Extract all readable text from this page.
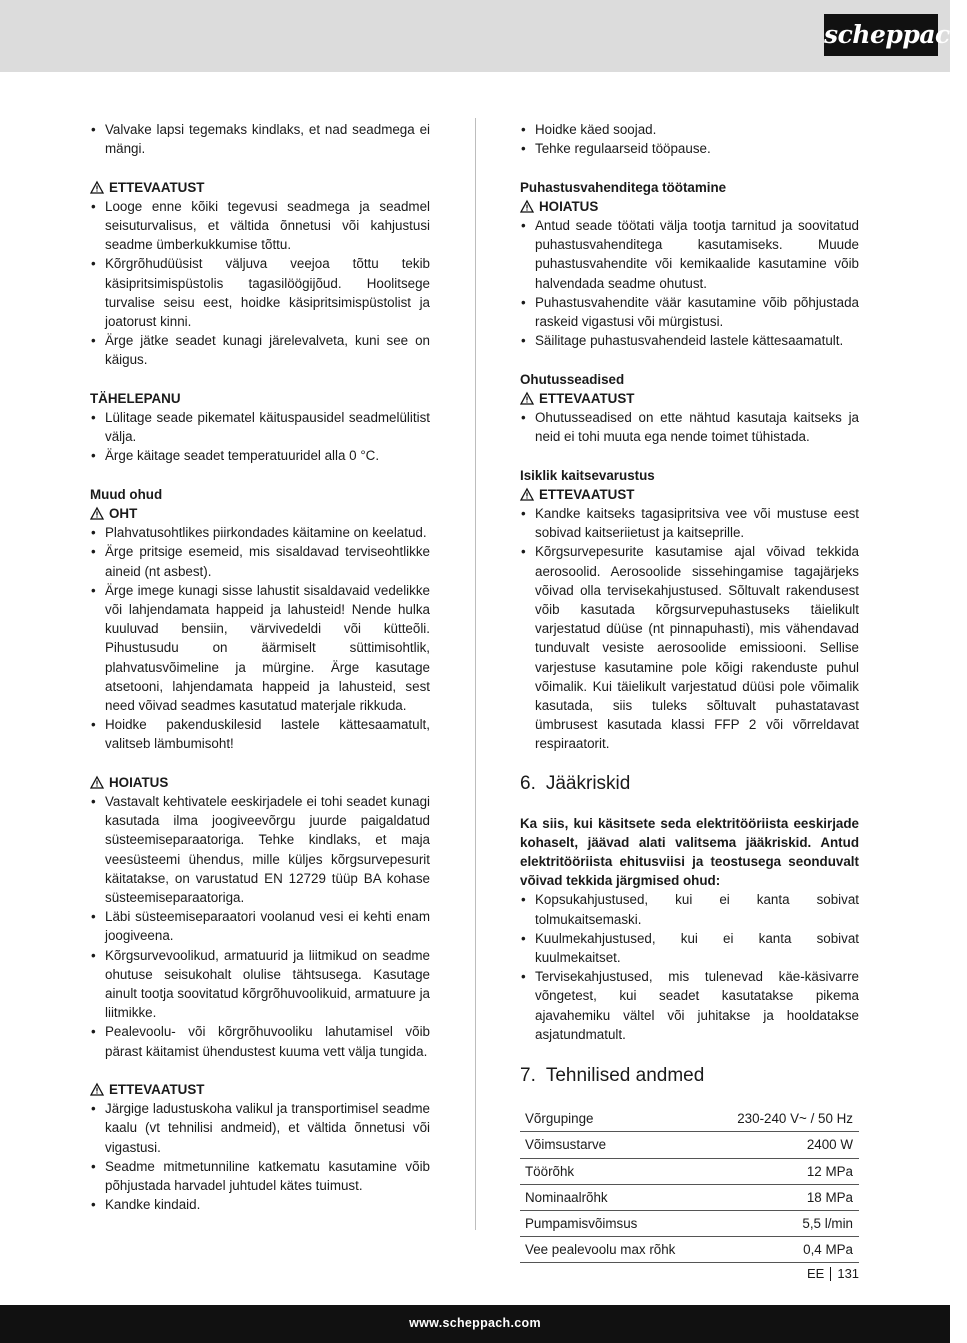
scheppach
• Valvake lapsi tegemaks kindlaks, et nad seadmega ei mängi.
ETTEVAATUST
• Looge enne kõiki tegevusi seadmega ja seadmel seisuturvalisus, et vältida õnnetusi või kahjustusi seadme ümberkukkumise tõttu.
• Kõrgrõhudüüsist väljuva veejoa tõttu tekib käsipritsimispüstolis tagasilöögijõud. Hoolitsege turvalise seisu eest, hoidke käsipritsimispüstolist ja joatorust kinni.
• Ärge jätke seadet kunagi järelevalveta, kuni see on käigus.
TÄHELEPANU
• Lülitage seade pikematel käituspausidel seadmelülitist välja.
• Ärge käitage seadet temperatuuridel alla 0 °C.
Muud ohud
OHT
• Plahvatusohtlikes piirkondades käitamine on keelatud.
• Ärge pritsige esemeid, mis sisaldavad terviseohtlikke aineid (nt asbest).
• Ärge imege kunagi sisse lahustit sisaldavaid vedelikke või lahjendamata happeid ja lahusteid! Nende hulka kuuluvad bensiin, värvivedeldi või kütteõli. Pihustusudu on äärmiselt süttimisohtlik, plahvatusvõimeline ja mürgine. Ärge kasutage atsetooni, lahjendamata happeid ja lahusteid, sest need võivad seadmes kasutatud materjale rikkuda.
• Hoidke pakenduskilesid lastele kättesaamatult, valitseb lämbumisoht!
HOIATUS
• Vastavalt kehtivatele eeskirjadele ei tohi seadet kunagi kasutada ilma joogiveevõrgu juurde paigaldatud süsteemiseparaatoriga. Tehke kindlaks, et maja veesüsteemi ühendus, mille küljes kõrgsurvepesurit käitatakse, on varustatud EN 12729 tüüp BA kohase süsteemiseparaatoriga.
• Läbi süsteemiseparaatori voolanud vesi ei kehti enam joogiveena.
• Kõrgsurvevoolikud, armatuurid ja liitmikud on seadme ohutuse seisukohalt olulise tähtsusega. Kasutage ainult tootja soovitatud kõrgrõhuvoolikuid, armatuure ja liitmikke.
• Pealevoolu- või kõrgrõhuvooliku lahutamisel võib pärast käitamist ühendustest kuuma vett välja tungida.
ETTEVAATUST
• Järgige ladustuskoha valikul ja transportimisel seadme kaalu (vt tehnilisi andmeid), et vältida õnnetusi või vigastusi.
• Seadme mitmetunniline katkematu kasutamine võib põhjustada harvadel juhtudel kätes tuimust.
• Kandke kindaid.
• Hoidke käed soojad.
• Tehke regulaarseid tööpause.
Puhastusvahenditega töötamine
HOIATUS
• Antud seade töötati välja tootja tarnitud ja soovitatud puhastusvahenditega kasutamiseks. Muude puhastusvahendite või kemikaalide kasutamine võib halvendada seadme ohutust.
• Puhastusvahendite väär kasutamine võib põhjustada raskeid vigastusi või mürgistusi.
• Säilitage puhastusvahendeid lastele kättesaamatult.
Ohutusseadised
ETTEVAATUST
• Ohutusseadised on ette nähtud kasutaja kaitseks ja neid ei tohi muuta ega nende toimet tühistada.
Isiklik kaitsevarustus
ETTEVAATUST
• Kandke kaitseks tagasipritsiva vee või mustuse eest sobivad kaitseriietust ja kaitseprille.
• Kõrgsurvepesurite kasutamise ajal võivad tekkida aerosoolid. Aerosoolide sissehingamise tagajärjeks võivad olla tervisekahjustused. Sõltuvalt rakendusest võib kasutada kõrgsurvepuhastuseks täielikult varjestatud düüse (nt pinnapuhasti), mis vähendavad tunduvalt vesiste aerosoolide emissiooni. Sellise varjestuse kasutamine pole kõigi rakenduste puhul võimalik. Kui täielikult varjestatud düüsi pole võimalik kasutada, siis tuleks sõltuvalt puhastatavast ümbrusest kasutada klassi FFP 2 või võrreldavat respiraatorit.
6. Jääkriskid

Ka siis, kui käsitsete seda elektritööriista eeskirjade kohaselt, jäävad alati valitsema jääkriskid. Antud elektritööriista ehitusviisi ja teostusega seonduvalt võivad tekkida järgmised ohud:

• Kopsukahjustused, kui ei kanta sobivat tolmukaitsemaski.
• Kuulmekahjustused, kui ei kanta sobivat kuulmekaitset.
• Tervisekahjustused, mis tulenevad käe-käsivarre võngetest, kui seadet kasutatakse pikema ajavahemiku vältel või juhitakse ja hooldatakse asjatundmatult.
7. Tehnilised andmed
Võrgupinge	230-240 V~ / 50 Hz
Võimsustarve	2400 W
Töörõhk	12 MPa
Nominaalrõhk	18 MPa
Pumpamisvõimsus	5,5 l/min
Vee pealevoolu max rõhk	0,4 MPa
EE 131
www.scheppach.com
